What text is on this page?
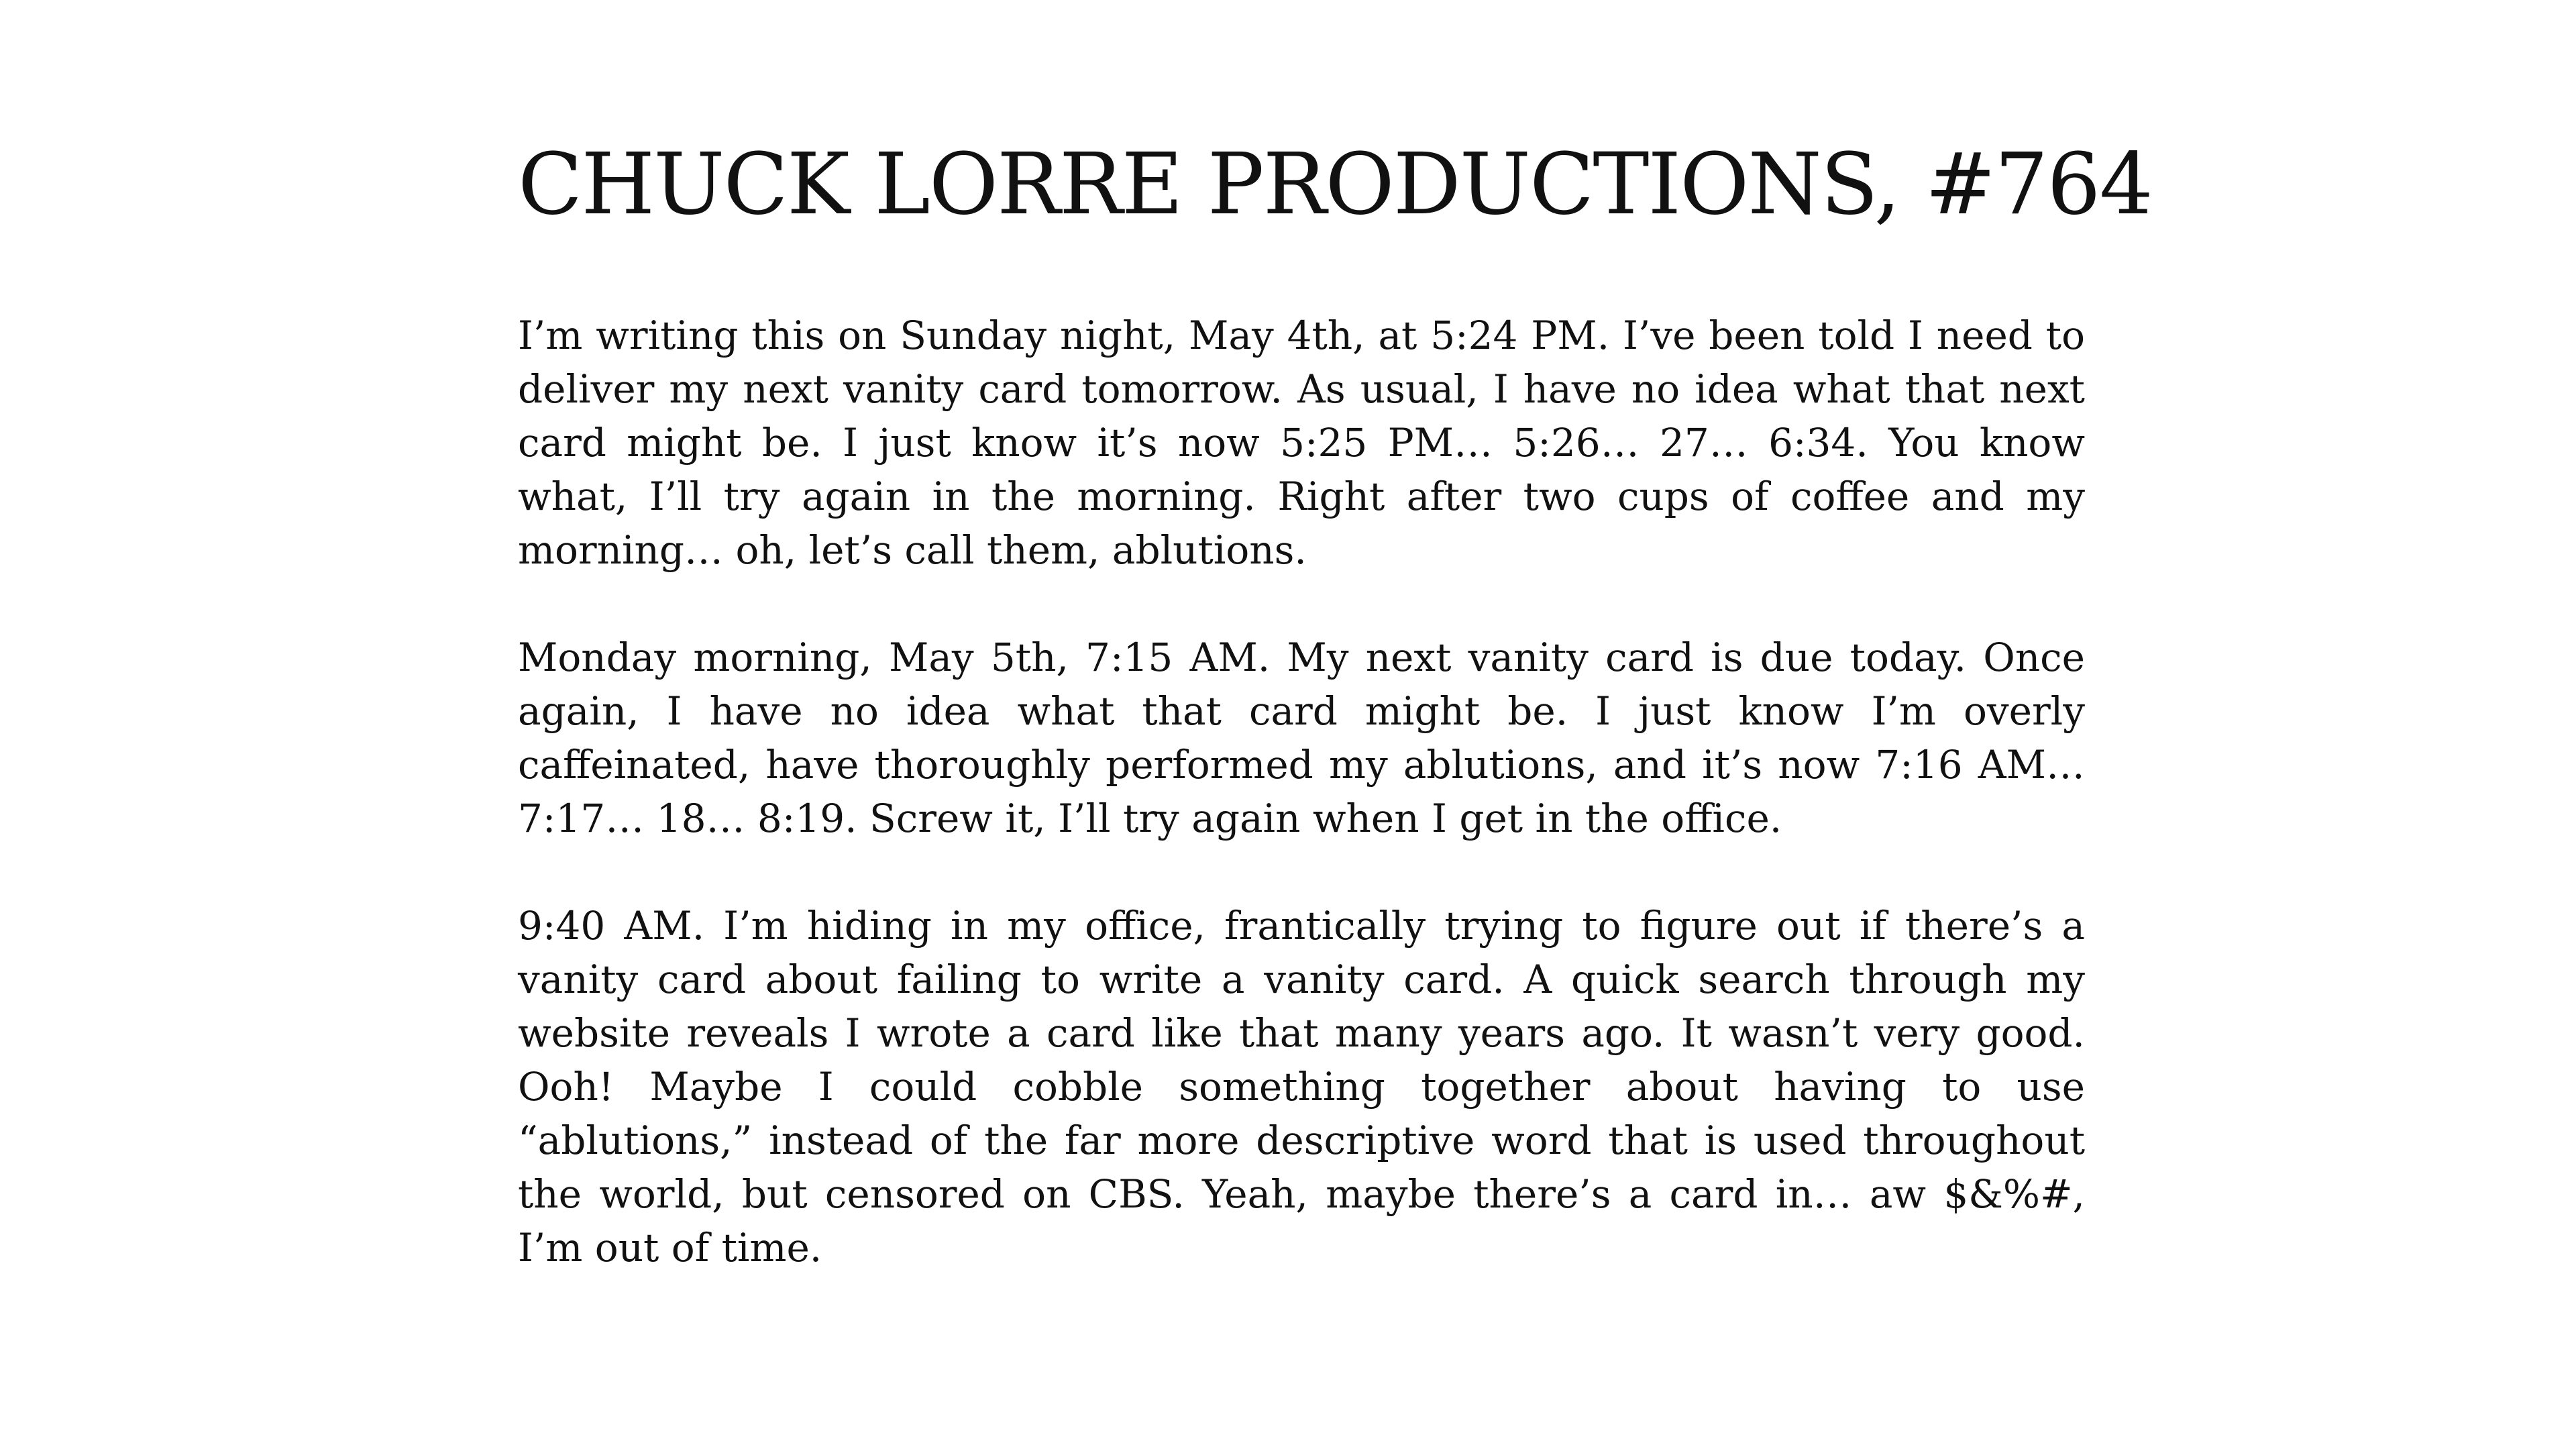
CHUCK LORRE PRODUCTIONS, #764

I’m writing this on Sunday night, May 4th, at 5:24 PM. I’ve been told I need to deliver my next vanity card tomorrow. As usual, I have no idea what that next card might be. I just know it’s now 5:25 PM… 5:26… 27… 6:34. You know what, I’ll try again in the morning. Right after two cups of coffee and my morning… oh, let’s call them, ablutions.

Monday morning, May 5th, 7:15 AM. My next vanity card is due today. Once again, I have no idea what that card might be. I just know I’m overly caffeinated, have thoroughly performed my ablutions, and it’s now 7:16 AM… 7:17… 18… 8:19. Screw it, I’ll try again when I get in the office.

9:40 AM. I’m hiding in my office, frantically trying to figure out if there’s a vanity card about failing to write a vanity card. A quick search through my website reveals I wrote a card like that many years ago. It wasn’t very good. Ooh! Maybe I could cobble something together about having to use “ablutions,” instead of the far more descriptive word that is used throughout the world, but censored on CBS. Yeah, maybe there’s a card in… aw $&%#, I’m out of time.
